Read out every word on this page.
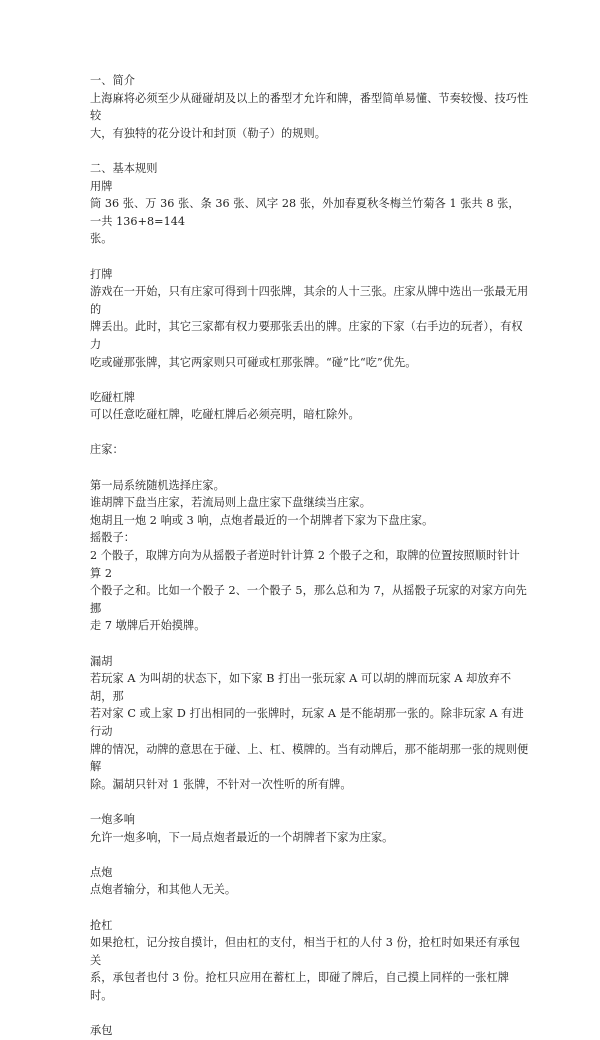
一、简介

上海麻将必须至少从碰碰胡及以上的番型才允许和牌，番型简单易懂、节奏较慢、技巧性较
大，有独特的花分设计和封顶（勒子）的规则。

二、基本规则

用牌
筒 36 张、万 36 张、条 36 张、风字 28 张，外加春夏秋冬梅兰竹菊各 1 张共 8 张，一共 136+8=144
张。

打牌

游戏在一开始，只有庄家可得到十四张牌，其余的人十三张。庄家从牌中选出一张最无用的
牌丢出。此时，其它三家都有权力要那张丢出的牌。庄家的下家（右手边的玩者），有权力
吃或碰那张牌，其它两家则只可碰或杠那张牌。“碰”比“吃”优先。

吃碰杠牌

可以任意吃碰杠牌，吃碰杠牌后必须亮明，暗杠除外。

庄家：

第一局系统随机选择庄家。
谁胡牌下盘当庄家，若流局则上盘庄家下盘继续当庄家。
炮胡且一炮 2 响或 3 响，点炮者最近的一个胡牌者下家为下盘庄家。
摇骰子：
2 个骰子，取牌方向为从摇骰子者逆时针计算 2 个骰子之和，取牌的位置按照顺时针计算 2
个骰子之和。比如一个骰子 2、一个骰子 5，那么总和为 7，从摇骰子玩家的对家方向先挪
走 7 墩牌后开始摸牌。

漏胡

若玩家 A 为叫胡的状态下，如下家 B 打出一张玩家 A 可以胡的牌而玩家 A 却放弃不胡，那
若对家 C 或上家 D 打出相同的一张牌时，玩家 A 是不能胡那一张的。除非玩家 A 有进行动
牌的情况，动牌的意思在于碰、上、杠、模牌的。当有动牌后，那不能胡那一张的规则便解
除。漏胡只针对 1 张牌，不针对一次性听的所有牌。

一炮多响

允许一炮多响，下一局点炮者最近的一个胡牌者下家为庄家。

点炮

点炮者输分，和其他人无关。

抢杠

如果抢杠，记分按自摸计，但由杠的支付，相当于杠的人付 3 份，抢杠时如果还有承包关
系，承包者也付 3 份。抢杠只应用在蓄杠上，即碰了牌后，自己摸上同样的一张杠牌时。

承包
